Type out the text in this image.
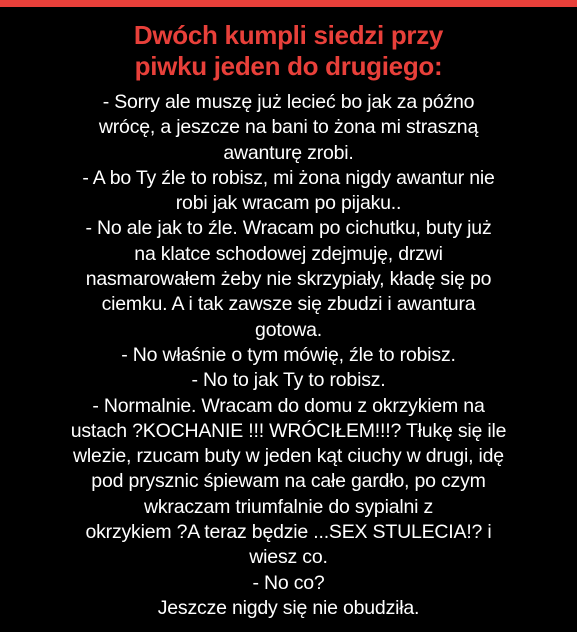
Dwóch kumpli siedzi przy
piwku jeden do drugiego:
- Sorry ale muszę już lecieć bo jak za późno
wrócę, a jeszcze na bani to żona mi straszną
awanturę zrobi.
- A bo Ty źle to robisz, mi żona nigdy awantur nie
robi jak wracam po pijaku..
- No ale jak to źle. Wracam po cichutku, buty już
na klatce schodowej zdejmuję, drzwi
nasmarowałem żeby nie skrzypiały, kładę się po
ciemku. A i tak zawsze się zbudzi i awantura
gotowa.
- No właśnie o tym mówię, źle to robisz.
- No to jak Ty to robisz.
- Normalnie. Wracam do domu z okrzykiem na
ustach ?KOCHANIE !!! WRÓCIŁEM!!!? Tłukę się ile
wlezie, rzucam buty w jeden kąt ciuchy w drugi, idę
pod prysznic śpiewam na całe gardło, po czym
wkraczam triumfalnie do sypialni z
okrzykiem ?A teraz będzie ...SEX STULECIA!? i
wiesz co.
- No co?
Jeszcze nigdy się nie obudziła.
